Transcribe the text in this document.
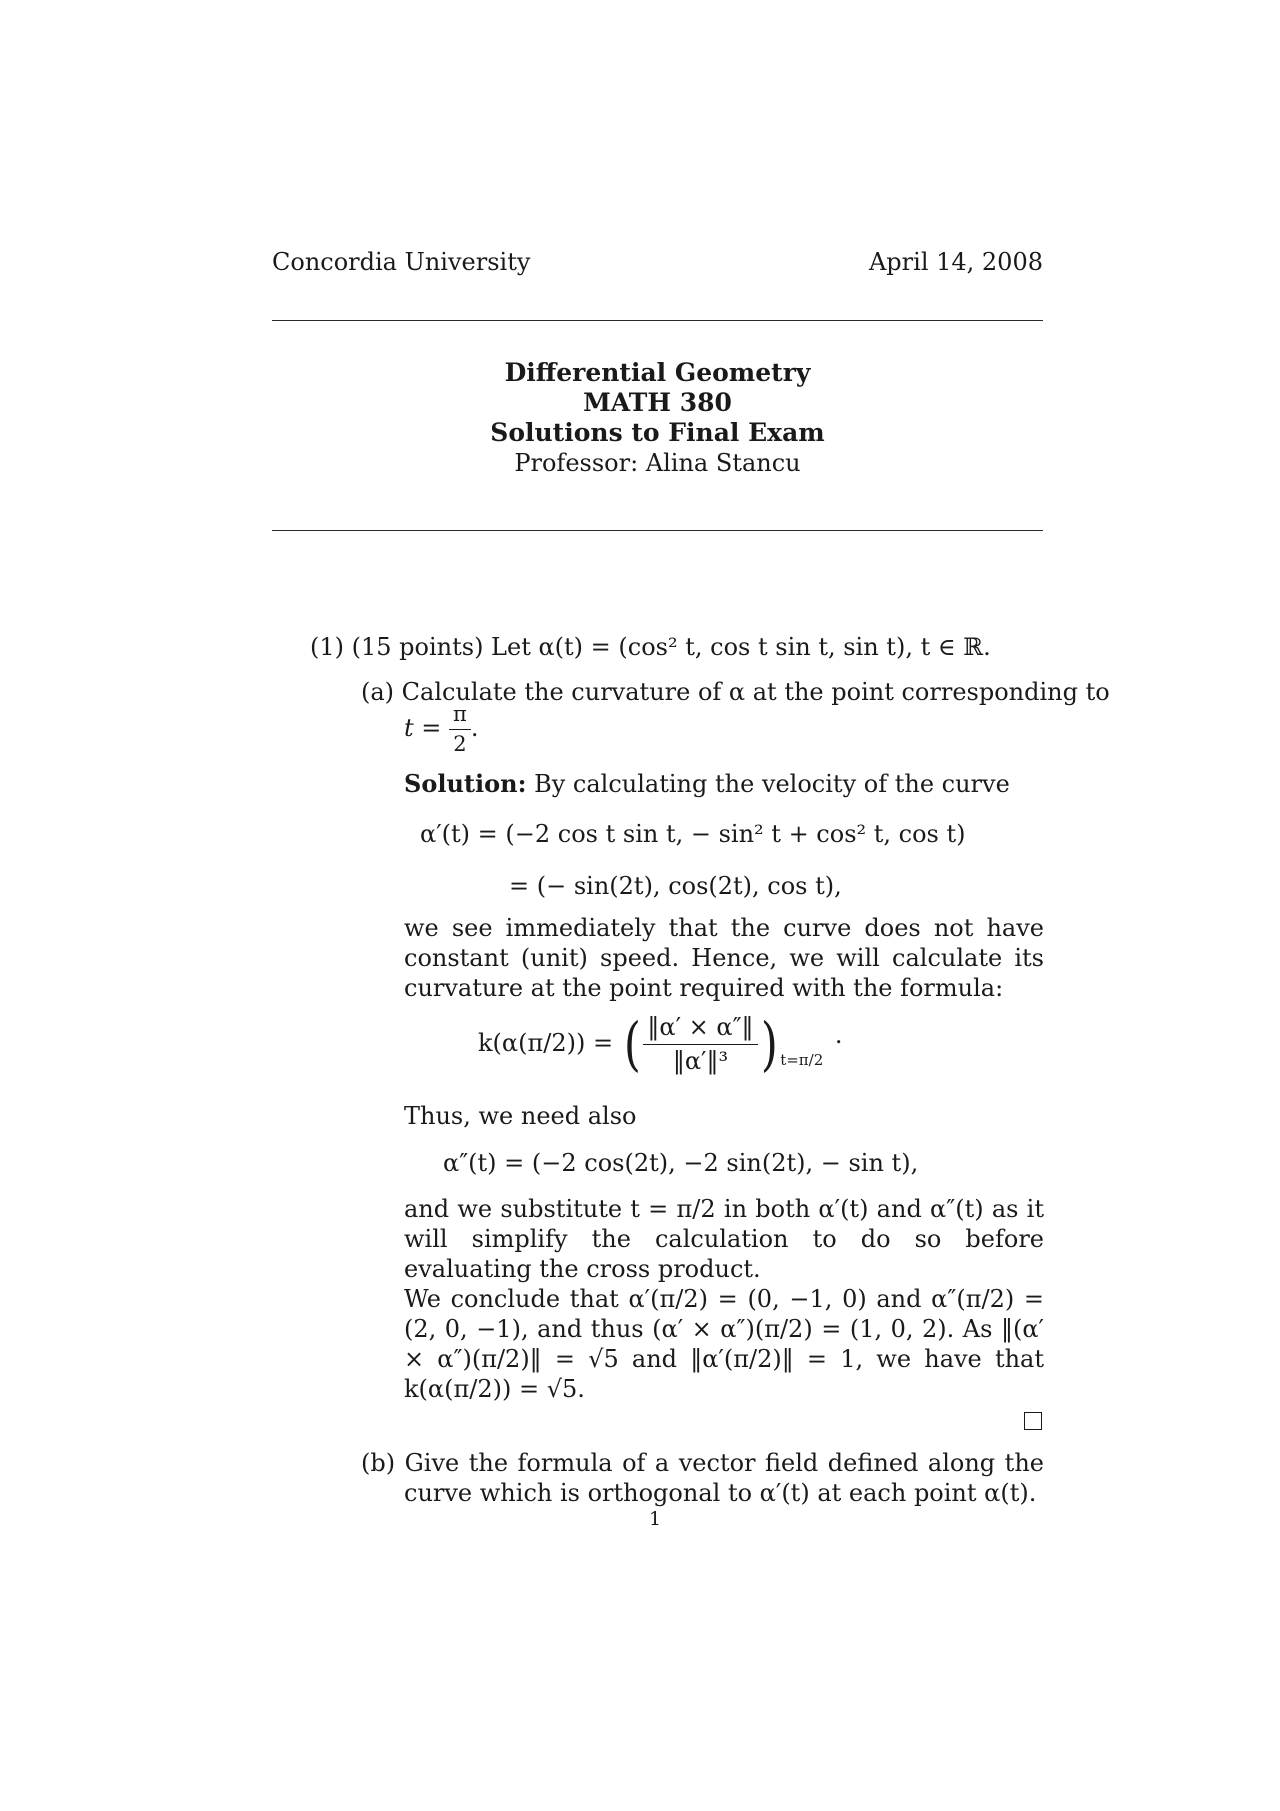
Concordia University	April 14, 2008
Differential Geometry
MATH 380
Solutions to Final Exam
Professor: Alina Stancu
(1) (15 points) Let α(t) = (cos² t, cos t sin t, sin t), t ∈ ℝ.
(a) Calculate the curvature of α at the point corresponding to
$t = \frac{\pi}{2}$ .
Solution: By calculating the velocity of the curve
α′(t) = (−2 cos t sin t, − sin² t + cos² t, cos t)
= (− sin(2t), cos(2t), cos t),
we see immediately that the curve does not have constant (unit) speed. Hence, we will calculate its curvature at the point required with the formula:
k(α(π/2)) = ( $\frac{‖\alpha' \times \alpha''‖}{\text{‖α′‖³}}$ ) $_{t=\pi/2}$ .
Thus, we need also
α″(t) = (−2 cos(2t), −2 sin(2t), − sin t),
and we substitute t = π/2 in both α′(t) and α″(t) as it will simplify the calculation to do so before evaluating the cross product.
We conclude that α′(π/2) = (0, −1, 0) and α″(π/2) = (2, 0, −1), and thus (α′ × α″)(π/2) = (1, 0, 2). As ‖(α′ × α″)(π/2)‖ = √5 and ‖α′(π/2)‖ = 1, we have that k(α(π/2)) = √5.
(b) Give the formula of a vector field defined along the curve which is orthogonal to α′(t) at each point α(t).
1
